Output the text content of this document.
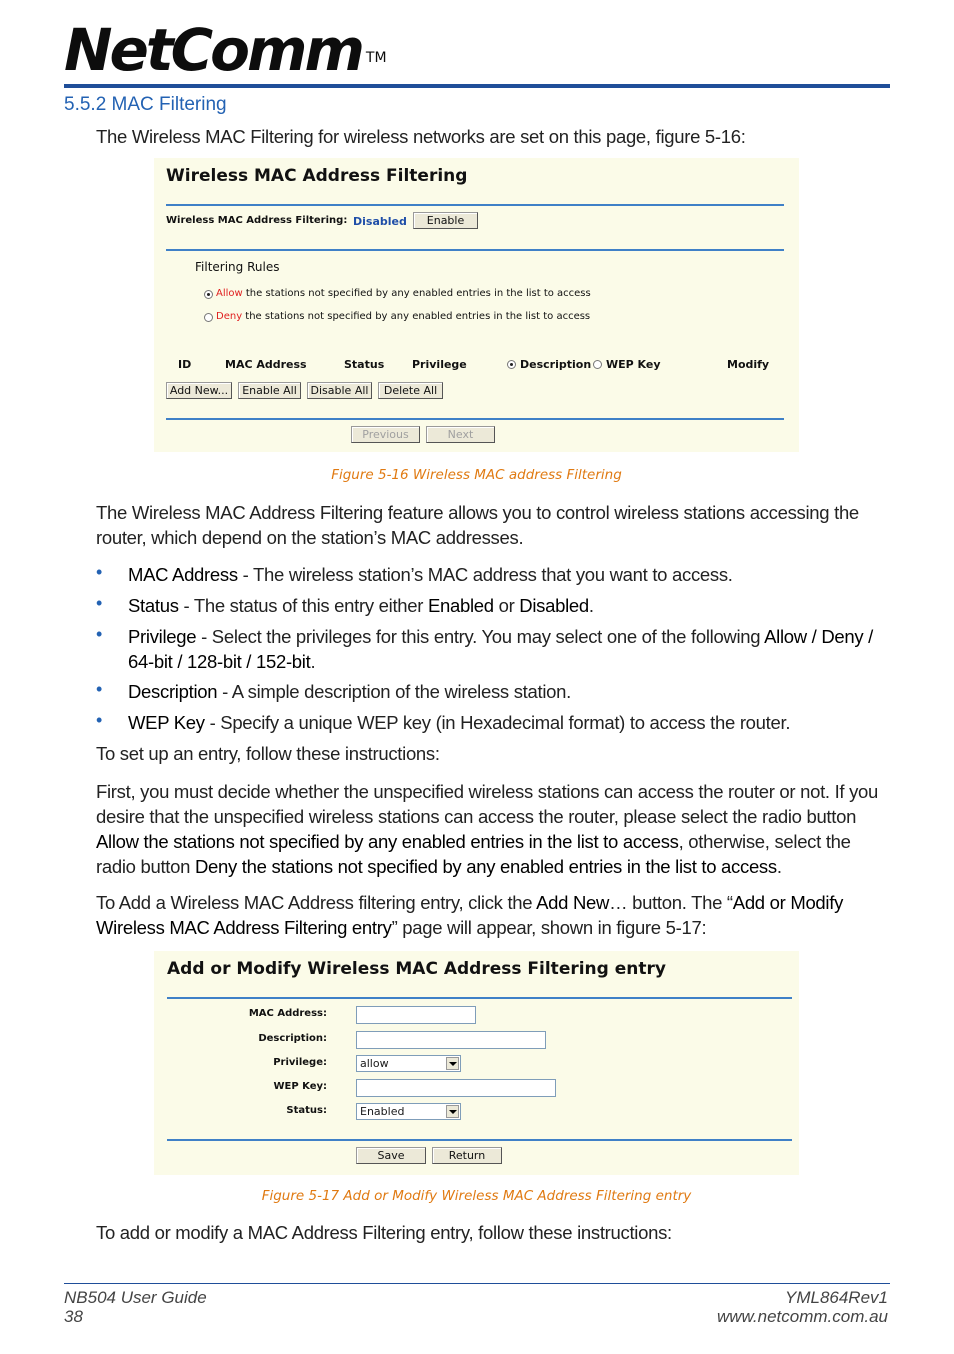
NetComm ™
5.5.2 MAC Filtering
The Wireless MAC Filtering for wireless networks are set on this page, figure 5-16:
Wireless MAC Address Filtering
Wireless MAC Address Filtering: Disabled	Enable
Filtering Rules
Allow the stations not specified by any enabled entries in the list to access
Deny the stations not specified by any enabled entries in the list to access
ID	MAC Address	Status	Privilege	Description WEP Key	Modify
Add New...	Enable All	Disable All	Delete All
Previous	Next
Figure 5-16 Wireless MAC address Filtering
The Wireless MAC Address Filtering feature allows you to control wireless stations accessing the router, which depend on the station’s MAC addresses.
• MAC Address - The wireless station’s MAC address that you want to access.
• Status - The status of this entry either Enabled or Disabled.
• Privilege - Select the privileges for this entry. You may select one of the following Allow / Deny / 64-bit / 128-bit / 152-bit.
• Description - A simple description of the wireless station.
• WEP Key - Specify a unique WEP key (in Hexadecimal format) to access the router.
To set up an entry, follow these instructions:
First, you must decide whether the unspecified wireless stations can access the router or not. If you desire that the unspecified wireless stations can access the router, please select the radio button Allow the stations not specified by any enabled entries in the list to access, otherwise, select the radio button Deny the stations not specified by any enabled entries in the list to access.
To Add a Wireless MAC Address filtering entry, click the Add New… button. The “Add or Modify Wireless MAC Address Filtering entry” page will appear, shown in figure 5-17:
Add or Modify Wireless MAC Address Filtering entry
MAC Address:
Description:
Privilege:	allow
WEP Key:
Status:	Enabled
Save	Return
Figure 5-17 Add or Modify Wireless MAC Address Filtering entry
To add or modify a MAC Address Filtering entry, follow these instructions:
NB504 User Guide
38
YML864Rev1
www.netcomm.com.au
